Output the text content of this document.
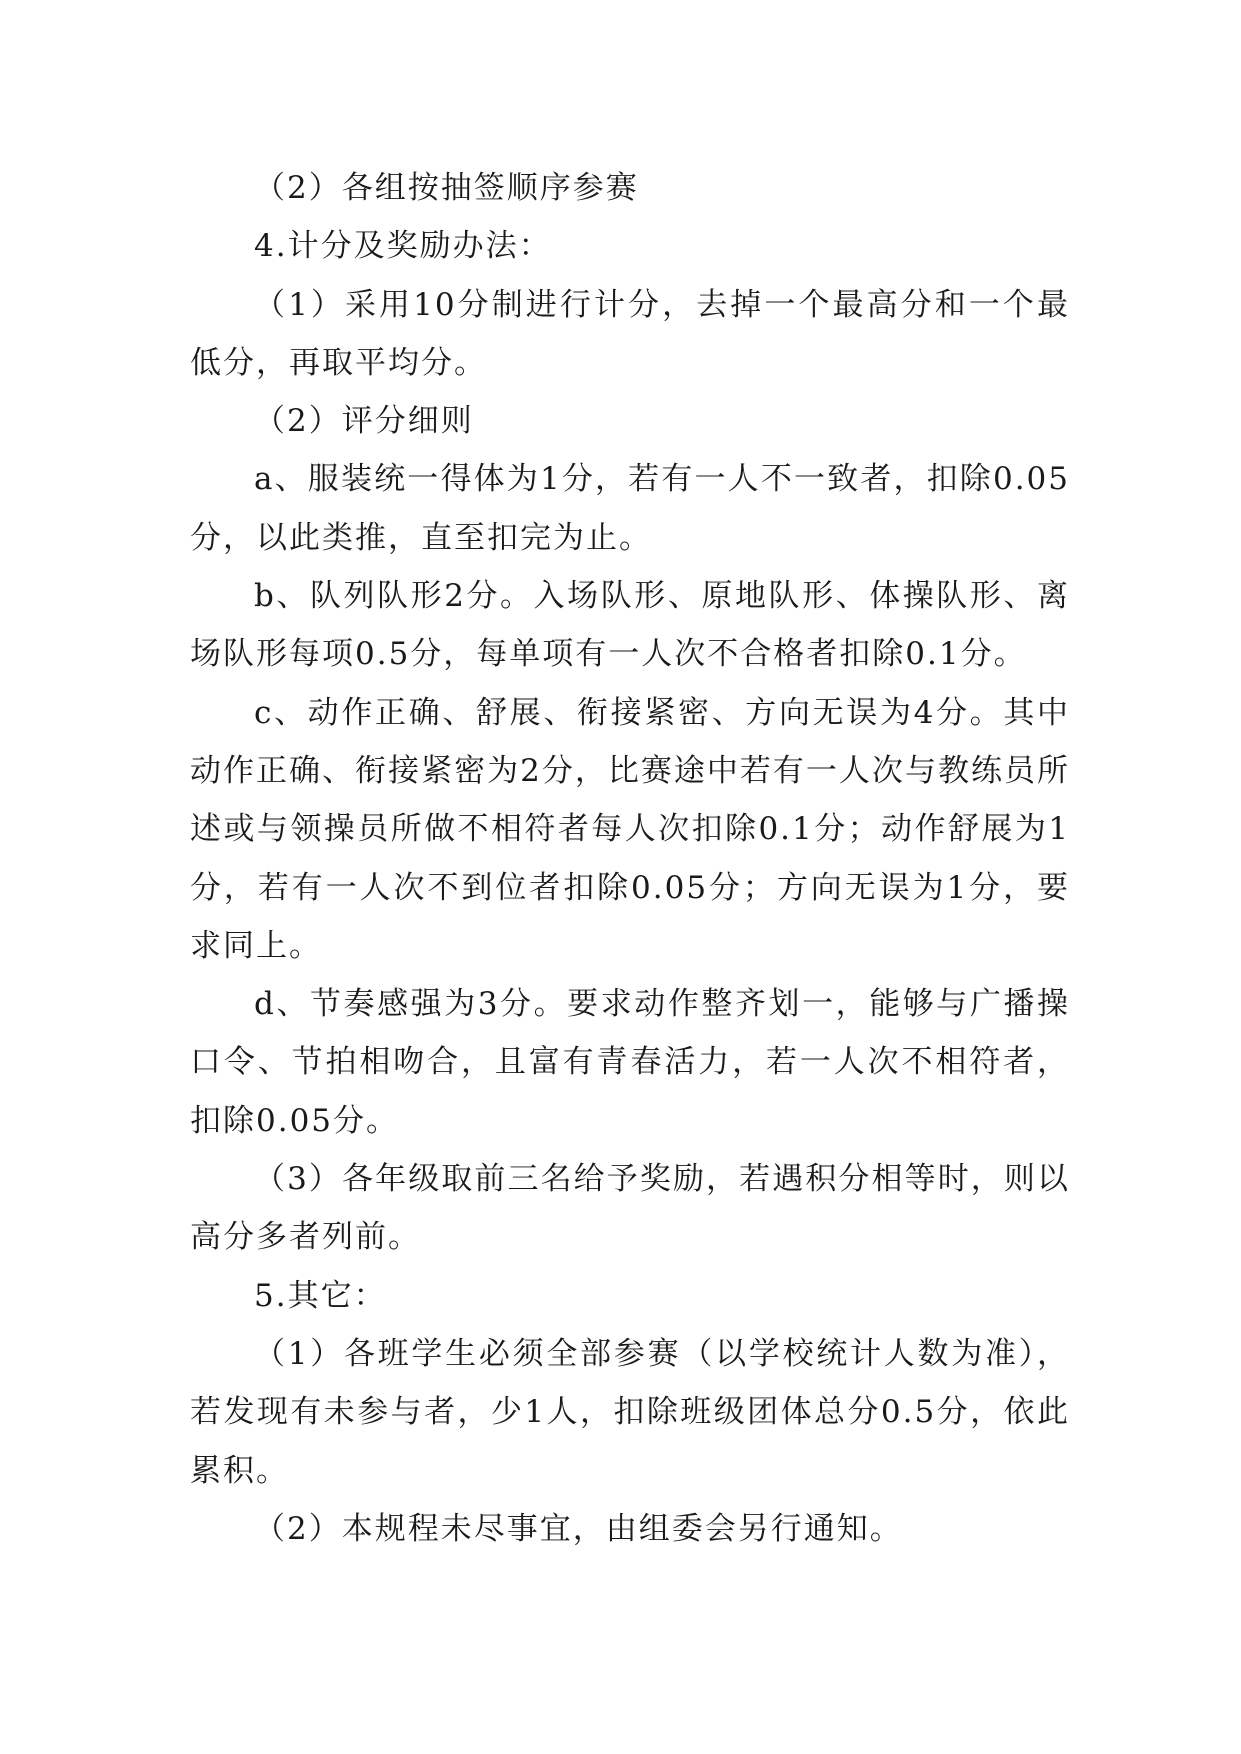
（2）各组按抽签顺序参赛

4.计分及奖励办法：

（1）采用10分制进行计分，去掉一个最高分和一个最低分，再取平均分。

（2）评分细则

a、服装统一得体为1分，若有一人不一致者，扣除0.05分，以此类推，直至扣完为止。

b、队列队形2分。入场队形、原地队形、体操队形、离场队形每项0.5分，每单项有一人次不合格者扣除0.1分。

c、动作正确、舒展、衔接紧密、方向无误为4分。其中动作正确、衔接紧密为2分，比赛途中若有一人次与教练员所述或与领操员所做不相符者每人次扣除0.1分；动作舒展为1分，若有一人次不到位者扣除0.05分；方向无误为1分，要求同上。

d、节奏感强为3分。要求动作整齐划一，能够与广播操口令、节拍相吻合，且富有青春活力，若一人次不相符者，扣除0.05分。

（3）各年级取前三名给予奖励，若遇积分相等时，则以高分多者列前。

5.其它：

（1）各班学生必须全部参赛（以学校统计人数为准），若发现有未参与者，少1人，扣除班级团体总分0.5分，依此累积。

（2）本规程未尽事宜，由组委会另行通知。
